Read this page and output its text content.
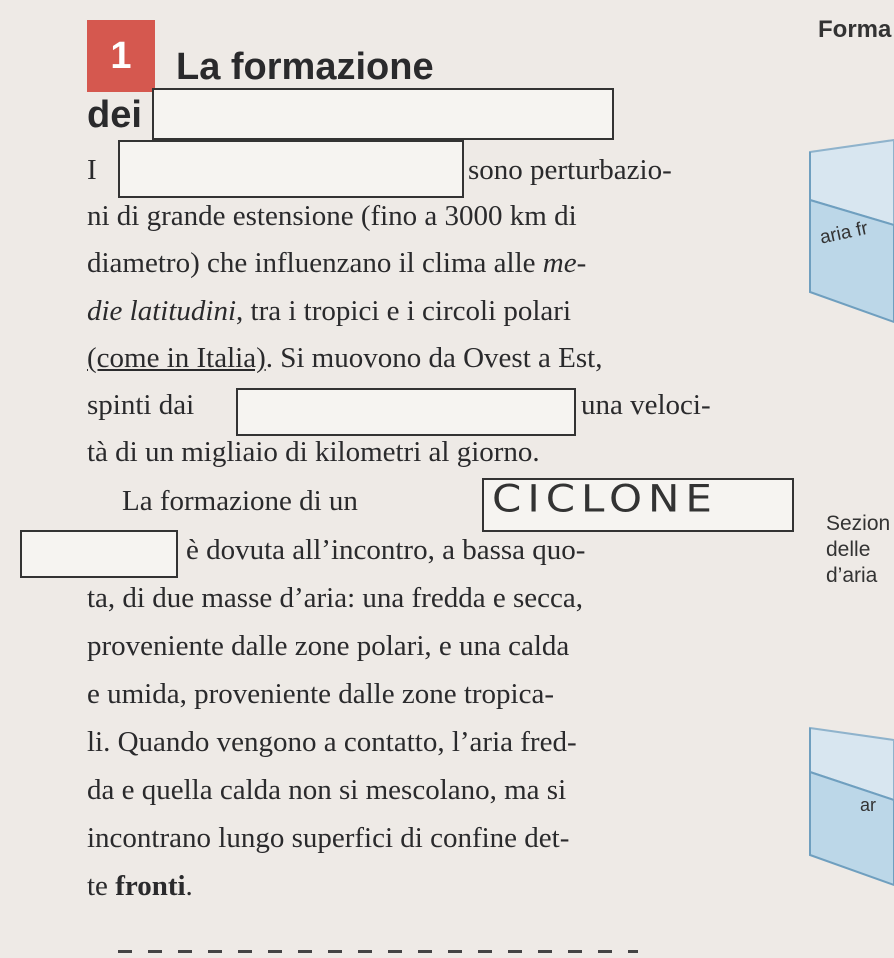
aria fr
ar
Forma
1	La formazione
dei
I	sono perturbazio-
ni di grande estensione (fino a 3000 km di
diametro) che influenzano il clima alle me-
die latitudini, tra i tropici e i circoli polari
(come in Italia). Si muovono da Ovest a Est,
spinti dai	una veloci-
tà di un migliaio di kilometri al giorno.
La formazione di un	CICLONE
è dovuta all’incontro, a bassa quo-
ta, di due masse d’aria: una fredda e secca,
proveniente dalle zone polari, e una calda
e umida, proveniente dalle zone tropica-
li. Quando vengono a contatto, l’aria fred-
da e quella calda non si mescolano, ma si
incontrano lungo superfici di confine det-
te fronti.
Sezion
delle
d’aria
